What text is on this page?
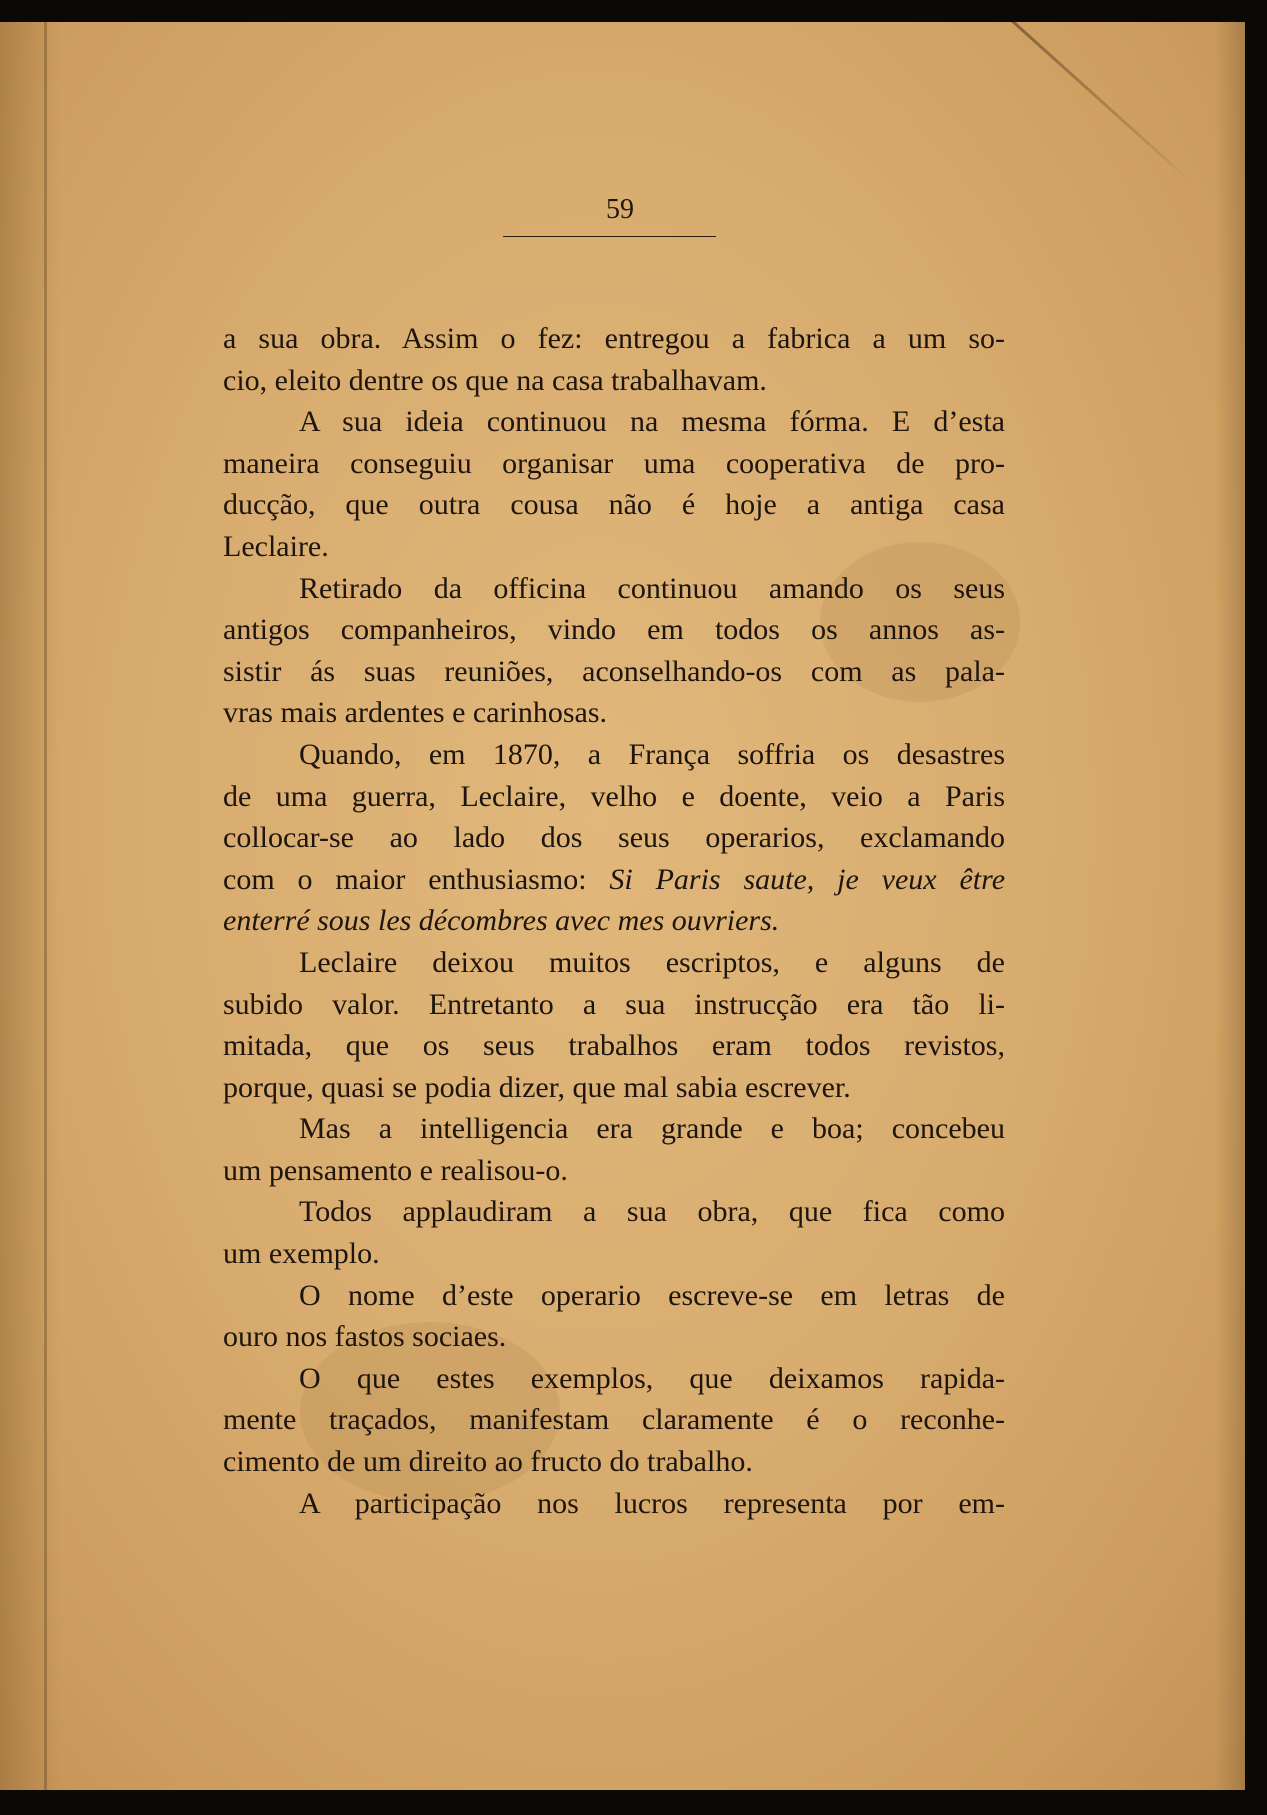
59
a sua obra. Assim o fez: entregou a fabrica a um so-
cio, eleito dentre os que na casa trabalhavam.
A sua ideia continuou na mesma fórma. E d’esta
maneira conseguiu organisar uma cooperativa de pro-
ducção, que outra cousa não é hoje a antiga casa
Leclaire.
Retirado da officina continuou amando os seus
antigos companheiros, vindo em todos os annos as-
sistir ás suas reuniões, aconselhando-os com as pala-
vras mais ardentes e carinhosas.
Quando, em 1870, a França soffria os desastres
de uma guerra, Leclaire, velho e doente, veio a Paris
collocar-se ao lado dos seus operarios, exclamando
com o maior enthusiasmo: Si Paris saute, je veux être
enterré sous les décombres avec mes ouvriers.
Leclaire deixou muitos escriptos, e alguns de
subido valor. Entretanto a sua instrucção era tão li-
mitada, que os seus trabalhos eram todos revistos,
porque, quasi se podia dizer, que mal sabia escrever.
Mas a intelligencia era grande e boa; concebeu
um pensamento e realisou-o.
Todos applaudiram a sua obra, que fica como
um exemplo.
O nome d’este operario escreve-se em letras de
ouro nos fastos sociaes.
O que estes exemplos, que deixamos rapida-
mente traçados, manifestam claramente é o reconhe-
cimento de um direito ao fructo do trabalho.
A participação nos lucros representa por em-
